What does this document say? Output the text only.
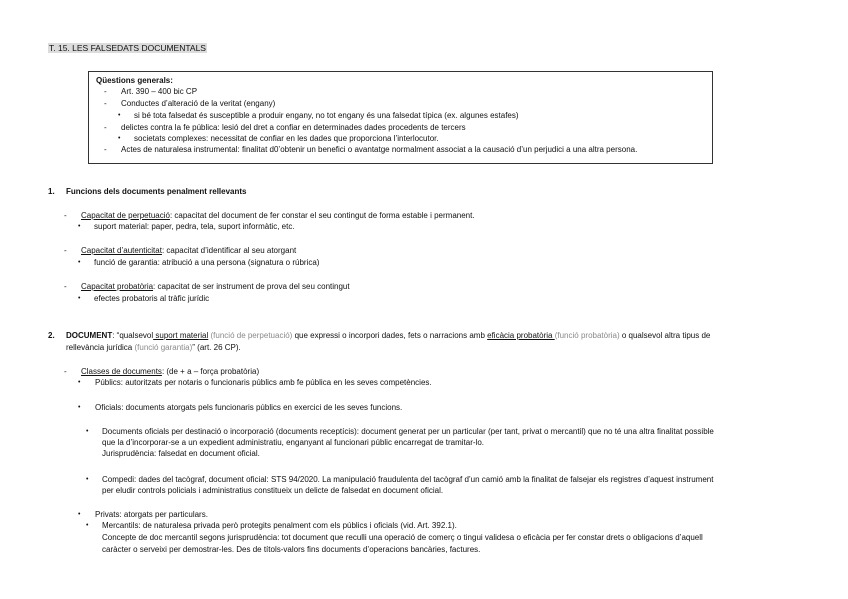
T. 15. LES FALSEDATS DOCUMENTALS
Qüestions generals:
- Art. 390 – 400 bic CP
- Conductes d’alteració de la veritat (engany)
• si bé tota falsedat és susceptible a produir engany, no tot engany és una falsedat típica (ex. algunes estafes)
- delictes contra la fe pública: lesió del dret a confiar en determinades dades procedents de tercers
• societats complexes: necessitat de confiar en les dades que proporciona l’interlocutor.
- Actes de naturalesa instrumental: finalitat d0’obtenir un benefici o avantatge normalment associat a la causació d’un perjudici a una altra persona.
1. Funcions dels documents penalment rellevants
- Capacitat de perpetuació: capacitat del document de fer constar el seu contingut de forma estable i permanent.
• suport material: paper, pedra, tela, suport informàtic, etc.
- Capacitat d’autenticitat: capacitat d’identificar al seu atorgant
• funció de garantia: atribució a una persona (signatura o rúbrica)
- Capacitat probatòria: capacitat de ser instrument de prova del seu contingut
• efectes probatoris al tràfic jurídic
2. DOCUMENT: “qualsevol suport material (funció de perpetuació) que expressi o incorpori dades, fets o narracions amb eficàcia probatòria (funció probatòria) o qualsevol altra tipus de
rellevància jurídica (funció garantia)” (art. 26 CP).
- Classes de documents: (de + a – força probatòria)
• Públics: autoritzats per notaris o funcionaris públics amb fe pública en les seves competències.
• Oficials: documents atorgats pels funcionaris públics en exercici de les seves funcions.
• Documents oficials per destinació o incorporació (documents receptícis): document generat per un particular (per tant, privat o mercantil) que no té una altra finalitat possible
que la d’incorporar-se a un expedient administratiu, enganyant al funcionari públic encarregat de tramitar-lo.
Jurisprudència: falsedat en document oficial.
• Compedi: dades del tacògraf, document oficial: STS 94/2020. La manipulació fraudulenta del tacògraf d’un camió amb la finalitat de falsejar els registres d’aquest instrument
per eludir controls policials i administratius constitueix un delicte de falsedat en document oficial.
• Privats: atorgats per particulars.
• Mercantils: de naturalesa privada però protegits penalment com els públics i oficials (vid. Art. 392.1).
Concepte de doc mercantil segons jurisprudència: tot document que reculli una operació de comerç o tingui validesa o eficàcia per fer constar drets o obligacions d’aquell
caràcter o serveixi per demostrar-les. Des de títols-valors fins documents d’operacions bancàries, factures.
